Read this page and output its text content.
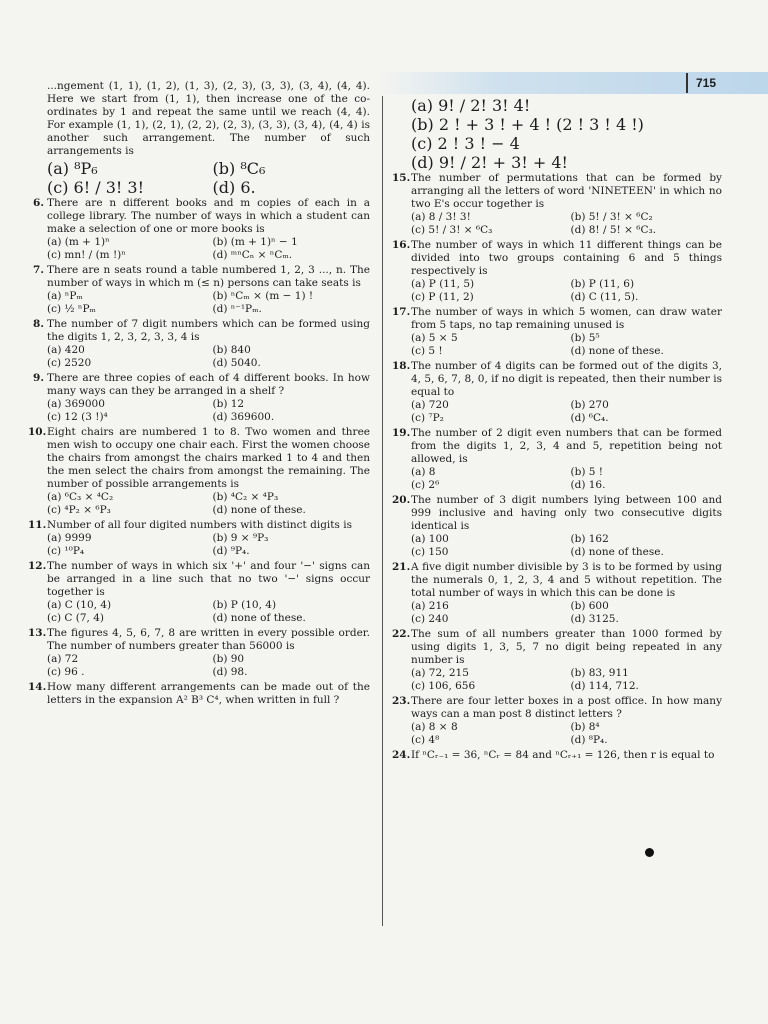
715
...ngement (1, 1), (1, 2), (1, 3), (2, 3), (3, 3), (3, 4), (4, 4). Here we start from (1, 1), then increase one of the co-ordinates by 1 and repeat the same until we reach (4, 4). For example (1, 1), (2, 1), (2, 2), (2, 3), (3, 3), (3, 4), (4, 4) is another such arrangement. The number of such arrangements is
(a) ⁸P₆	(b) ⁸C₆
(c) 6! / 3! 3!	(d) 6.
6. There are n different books and m copies of each in a college library. The number of ways in which a student can make a selection of one or more books is
(a) (m + 1)ⁿ	(b) (m + 1)ⁿ − 1
(c) mn! / (m !)ⁿ	(d) ᵐⁿCₙ × ⁿCₘ.
7. There are n seats round a table numbered 1, 2, 3 ..., n. The number of ways in which m (≤ n) persons can take seats is
(a) ⁿPₘ	(b) ⁿCₘ × (m − 1) !
(c) ½ ⁿPₘ	(d) ⁿ⁻¹Pₘ.
8. The number of 7 digit numbers which can be formed using the digits 1, 2, 3, 2, 3, 3, 4 is
(a) 420	(b) 840
(c) 2520	(d) 5040.
9. There are three copies of each of 4 different books. In how many ways can they be arranged in a shelf ?
(a) 369000	(b) 12
(c) 12 (3 !)⁴	(d) 369600.
10. Eight chairs are numbered 1 to 8. Two women and three men wish to occupy one chair each. First the women choose the chairs from amongst the chairs marked 1 to 4 and then the men select the chairs from amongst the remaining. The number of possible arrangements is
(a) ⁶C₃ × ⁴C₂	(b) ⁴C₂ × ⁴P₃
(c) ⁴P₂ × ⁶P₃	(d) none of these.
11. Number of all four digited numbers with distinct digits is
(a) 9999	(b) 9 × ⁹P₃
(c) ¹⁰P₄	(d) ⁹P₄.
12. The number of ways in which six '+' and four '−' signs can be arranged in a line such that no two '−' signs occur together is
(a) C (10, 4)	(b) P (10, 4)
(c) C (7, 4)	(d) none of these.
13. The figures 4, 5, 6, 7, 8 are written in every possible order. The number of numbers greater than 56000 is
(a) 72	(b) 90
(c) 96 .	(d) 98.
14. How many different arrangements can be made out of the letters in the expansion A² B³ C⁴, when written in full ?
(a) 9! / 2! 3! 4!
(b) 2 ! + 3 ! + 4 ! (2 ! 3 ! 4 !)
(c) 2 ! 3 ! − 4
(d) 9! / 2! + 3! + 4!
15. The number of permutations that can be formed by arranging all the letters of word 'NINETEEN' in which no two E's occur together is
(a) 8 / 3! 3!	(b) 5! / 3! × ⁶C₂
(c) 5! / 3! × ⁶C₃	(d) 8! / 5! × ⁶C₃.
16. The number of ways in which 11 different things can be divided into two groups containing 6 and 5 things respectively is
(a) P (11, 5)	(b) P (11, 6)
(c) P (11, 2)	(d) C (11, 5).
17. The number of ways in which 5 women, can draw water from 5 taps, no tap remaining unused is
(a) 5 × 5	(b) 5⁵
(c) 5 !	(d) none of these.
18. The number of 4 digits can be formed out of the digits 3, 4, 5, 6, 7, 8, 0, if no digit is repeated, then their number is equal to
(a) 720	(b) 270
(c) ⁷P₂	(d) ⁶C₄.
19. The number of 2 digit even numbers that can be formed from the digits 1, 2, 3, 4 and 5, repetition being not allowed, is
(a) 8	(b) 5 !
(c) 2⁶	(d) 16.
20. The number of 3 digit numbers lying between 100 and 999 inclusive and having only two consecutive digits identical is
(a) 100	(b) 162
(c) 150	(d) none of these.
21. A five digit number divisible by 3 is to be formed by using the numerals 0, 1, 2, 3, 4 and 5 without repetition. The total number of ways in which this can be done is
(a) 216	(b) 600
(c) 240	(d) 3125.
22. The sum of all numbers greater than 1000 formed by using digits 1, 3, 5, 7 no digit being repeated in any number is
(a) 72, 215	(b) 83, 911
(c) 106, 656	(d) 114, 712.
23. There are four letter boxes in a post office. In how many ways can a man post 8 distinct letters ?
(a) 8 × 8	(b) 8⁴
(c) 4⁸	(d) ⁸P₄.
24. If ⁿCᵣ₋₁ = 36, ⁿCᵣ = 84 and ⁿCᵣ₊₁ = 126, then r is equal to
